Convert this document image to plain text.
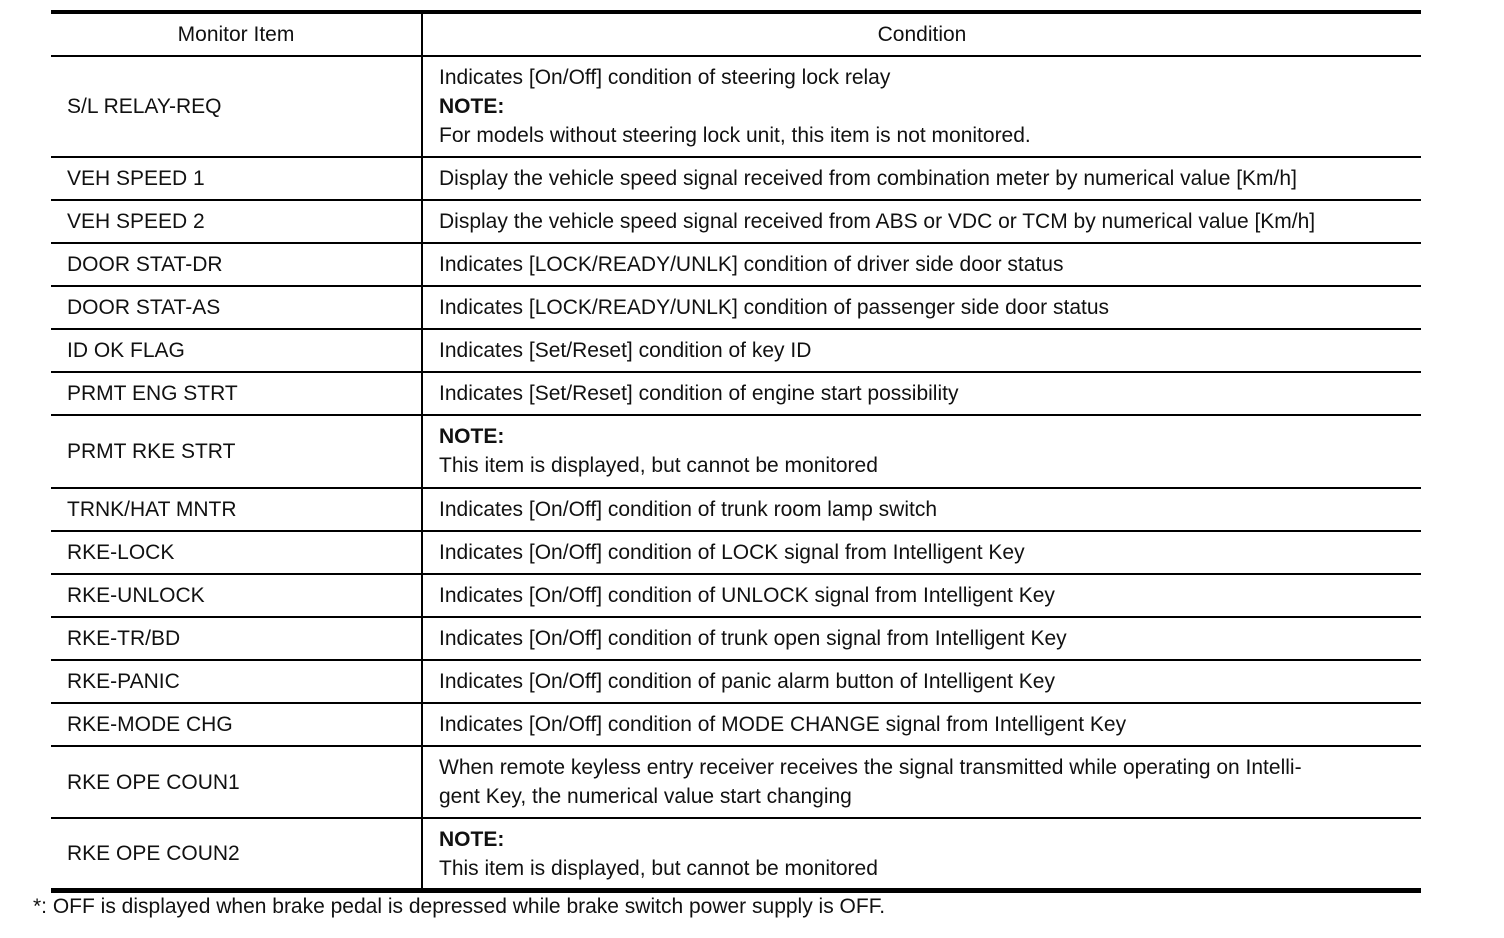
Monitor Item	Condition
S/L RELAY-REQ	Indicates [On/Off] condition of steering lock relay
NOTE:
For models without steering lock unit, this item is not monitored.

VEH SPEED 1	Display the vehicle speed signal received from combination meter by numerical value [Km/h]

VEH SPEED 2	Display the vehicle speed signal received from ABS or VDC or TCM by numerical value [Km/h]

DOOR STAT-DR	Indicates [LOCK/READY/UNLK] condition of driver side door status

DOOR STAT-AS	Indicates [LOCK/READY/UNLK] condition of passenger side door status

ID OK FLAG	Indicates [Set/Reset] condition of key ID

PRMT ENG STRT	Indicates [Set/Reset] condition of engine start possibility

PRMT RKE STRT	NOTE:
This item is displayed, but cannot be monitored

TRNK/HAT MNTR	Indicates [On/Off] condition of trunk room lamp switch

RKE-LOCK	Indicates [On/Off] condition of LOCK signal from Intelligent Key

RKE-UNLOCK	Indicates [On/Off] condition of UNLOCK signal from Intelligent Key

RKE-TR/BD	Indicates [On/Off] condition of trunk open signal from Intelligent Key

RKE-PANIC	Indicates [On/Off] condition of panic alarm button of Intelligent Key

RKE-MODE CHG	Indicates [On/Off] condition of MODE CHANGE signal from Intelligent Key

RKE OPE COUN1	When remote keyless entry receiver receives the signal transmitted while operating on Intelli-
gent Key, the numerical value start changing

RKE OPE COUN2	NOTE:
This item is displayed, but cannot be monitored
*: OFF is displayed when brake pedal is depressed while brake switch power supply is OFF.
